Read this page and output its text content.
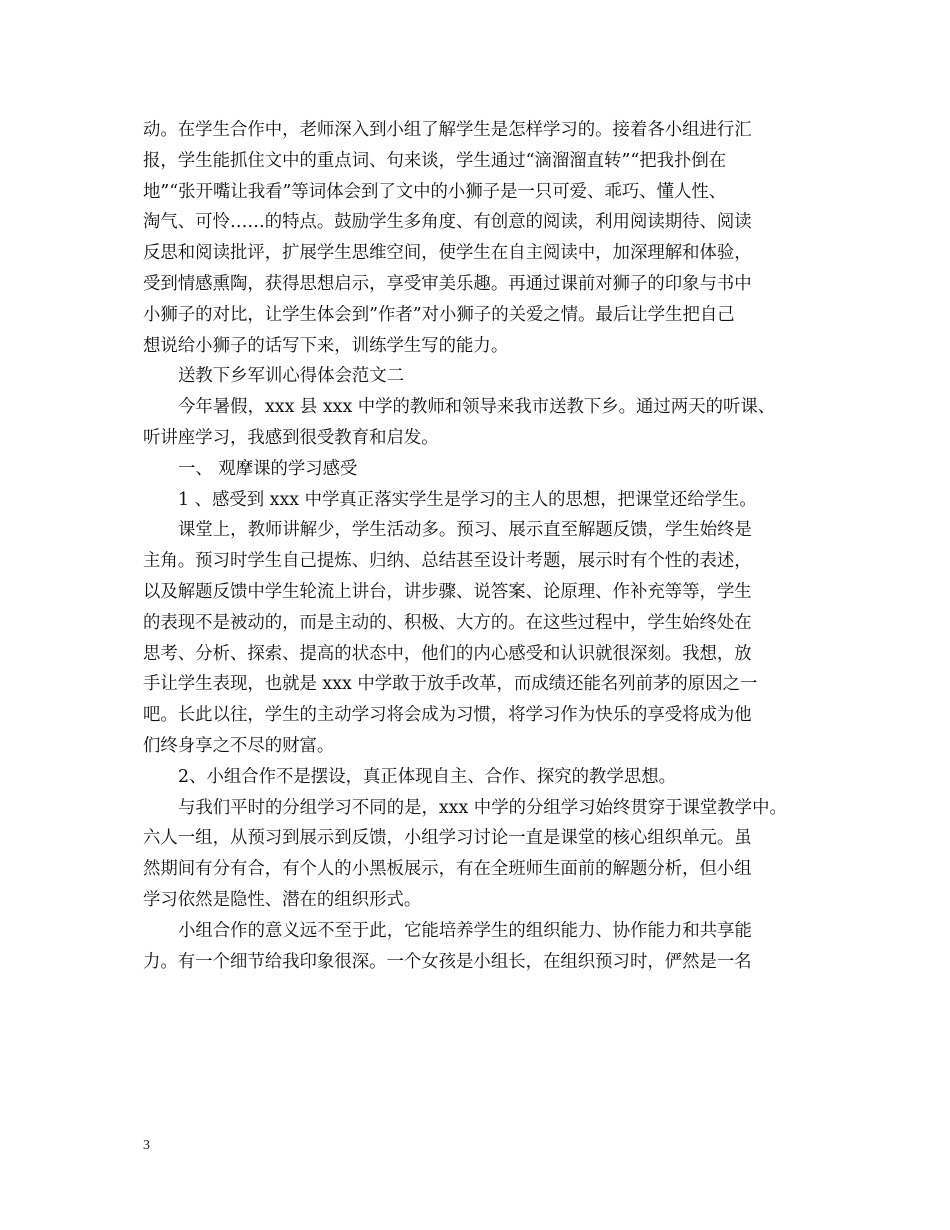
动。在学生合作中，老师深入到小组了解学生是怎样学习的。接着各小组进行汇
报，学生能抓住文中的重点词、句来谈，学生通过“滴溜溜直转”“把我扑倒在
地”“张开嘴让我看”等词体会到了文中的小狮子是一只可爱、乖巧、懂人性、
淘气、可怜……的特点。鼓励学生多角度、有创意的阅读，利用阅读期待、阅读
反思和阅读批评，扩展学生思维空间，使学生在自主阅读中，加深理解和体验，
受到情感熏陶，获得思想启示，享受审美乐趣。再通过课前对狮子的印象与书中
小狮子的对比，让学生体会到”作者”对小狮子的关爱之情。最后让学生把自己
想说给小狮子的话写下来，训练学生写的能力。
送教下乡军训心得体会范文二
今年暑假，xxx 县 xxx 中学的教师和领导来我市送教下乡。通过两天的听课、
听讲座学习，我感到很受教育和启发。
一、 观摩课的学习感受
1 、感受到 xxx 中学真正落实学生是学习的主人的思想，把课堂还给学生。
课堂上，教师讲解少，学生活动多。预习、展示直至解题反馈，学生始终是
主角。预习时学生自己提炼、归纳、总结甚至设计考题，展示时有个性的表述，
以及解题反馈中学生轮流上讲台，讲步骤、说答案、论原理、作补充等等，学生
的表现不是被动的，而是主动的、积极、大方的。在这些过程中，学生始终处在
思考、分析、探索、提高的状态中，他们的内心感受和认识就很深刻。我想，放
手让学生表现，也就是 xxx 中学敢于放手改革，而成绩还能名列前茅的原因之一
吧。长此以往，学生的主动学习将会成为习惯，将学习作为快乐的享受将成为他
们终身享之不尽的财富。
2、小组合作不是摆设，真正体现自主、合作、探究的教学思想。
与我们平时的分组学习不同的是，xxx 中学的分组学习始终贯穿于课堂教学中。
六人一组，从预习到展示到反馈，小组学习讨论一直是课堂的核心组织单元。虽
然期间有分有合，有个人的小黑板展示，有在全班师生面前的解题分析，但小组
学习依然是隐性、潜在的组织形式。
小组合作的意义远不至于此，它能培养学生的组织能力、协作能力和共享能
力。有一个细节给我印象很深。一个女孩是小组长，在组织预习时，俨然是一名
3
